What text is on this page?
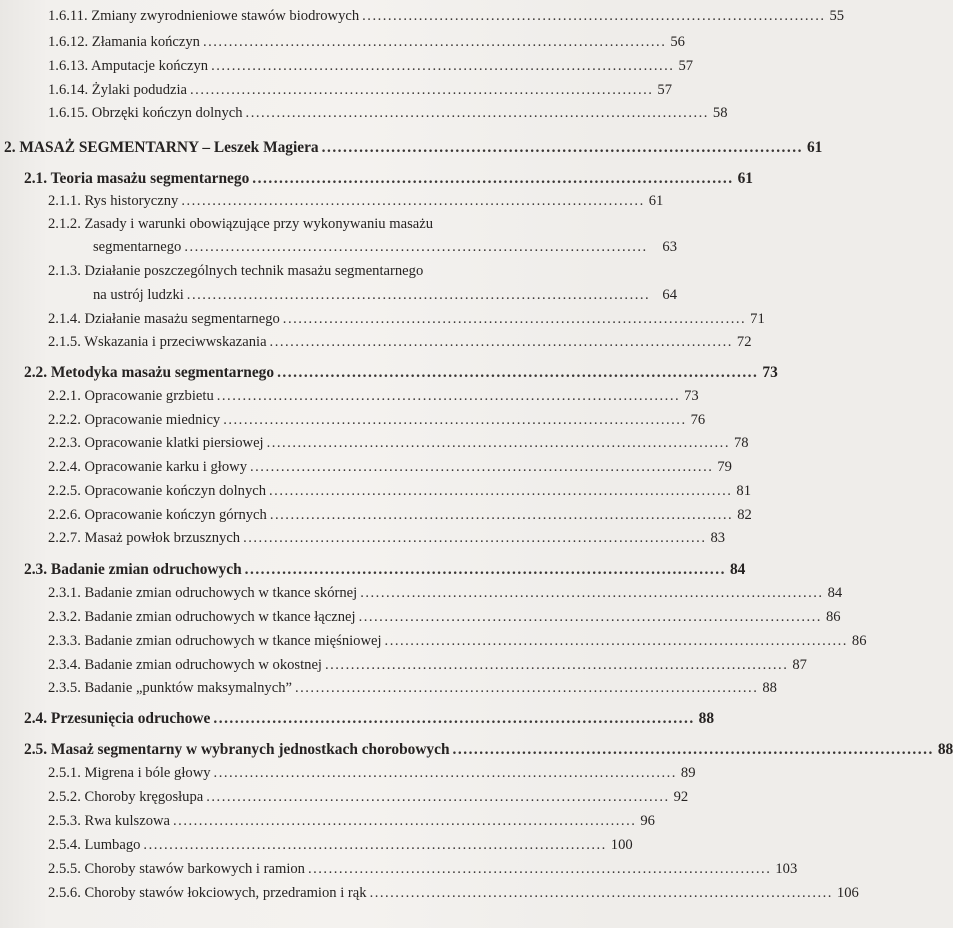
1.6.11. Zmiany zwyrodnieniowe stawów biodrowych .......................................................................................... 55
1.6.12. Złamania kończyn .......................................................................................... 56
1.6.13. Amputacje kończyn .......................................................................................... 57
1.6.14. Żylaki podudzia .......................................................................................... 57
1.6.15. Obrzęki kończyn dolnych .......................................................................................... 58
2. MASAŻ SEGMENTARNY – Leszek Magiera .......................................................................................... 61
2.1. Teoria masażu segmentarnego .......................................................................................... 61
2.1.1. Rys historyczny .......................................................................................... 61
2.1.2. Zasady i warunki obowiązujące przy wykonywaniu masażu
segmentarnego ..........................................................................................	63
2.1.3. Działanie poszczególnych technik masażu segmentarnego
na ustrój ludzki .......................................................................................... 64
2.1.4. Działanie masażu segmentarnego .......................................................................................... 71
2.1.5. Wskazania i przeciwwskazania .......................................................................................... 72
2.2. Metodyka masażu segmentarnego .......................................................................................... 73
2.2.1. Opracowanie grzbietu .......................................................................................... 73
2.2.2. Opracowanie miednicy .......................................................................................... 76
2.2.3. Opracowanie klatki piersiowej .......................................................................................... 78
2.2.4. Opracowanie karku i głowy .......................................................................................... 79
2.2.5. Opracowanie kończyn dolnych .......................................................................................... 81
2.2.6. Opracowanie kończyn górnych .......................................................................................... 82
2.2.7. Masaż powłok brzusznych .......................................................................................... 83
2.3. Badanie zmian odruchowych .......................................................................................... 84
2.3.1. Badanie zmian odruchowych w tkance skórnej .......................................................................................... 84
2.3.2. Badanie zmian odruchowych w tkance łącznej .......................................................................................... 86
2.3.3. Badanie zmian odruchowych w tkance mięśniowej .......................................................................................... 86
2.3.4. Badanie zmian odruchowych w okostnej .......................................................................................... 87
2.3.5. Badanie „punktów maksymalnych” .......................................................................................... 88
2.4. Przesunięcia odruchowe .......................................................................................... 88
2.5. Masaż segmentarny w wybranych jednostkach chorobowych .......................................................................................... 88
2.5.1. Migrena i bóle głowy .......................................................................................... 89
2.5.2. Choroby kręgosłupa .......................................................................................... 92
2.5.3. Rwa kulszowa .......................................................................................... 96
2.5.4. Lumbago .......................................................................................... 100
2.5.5. Choroby stawów barkowych i ramion .......................................................................................... 103
2.5.6. Choroby stawów łokciowych, przedramion i rąk .......................................................................................... 106
